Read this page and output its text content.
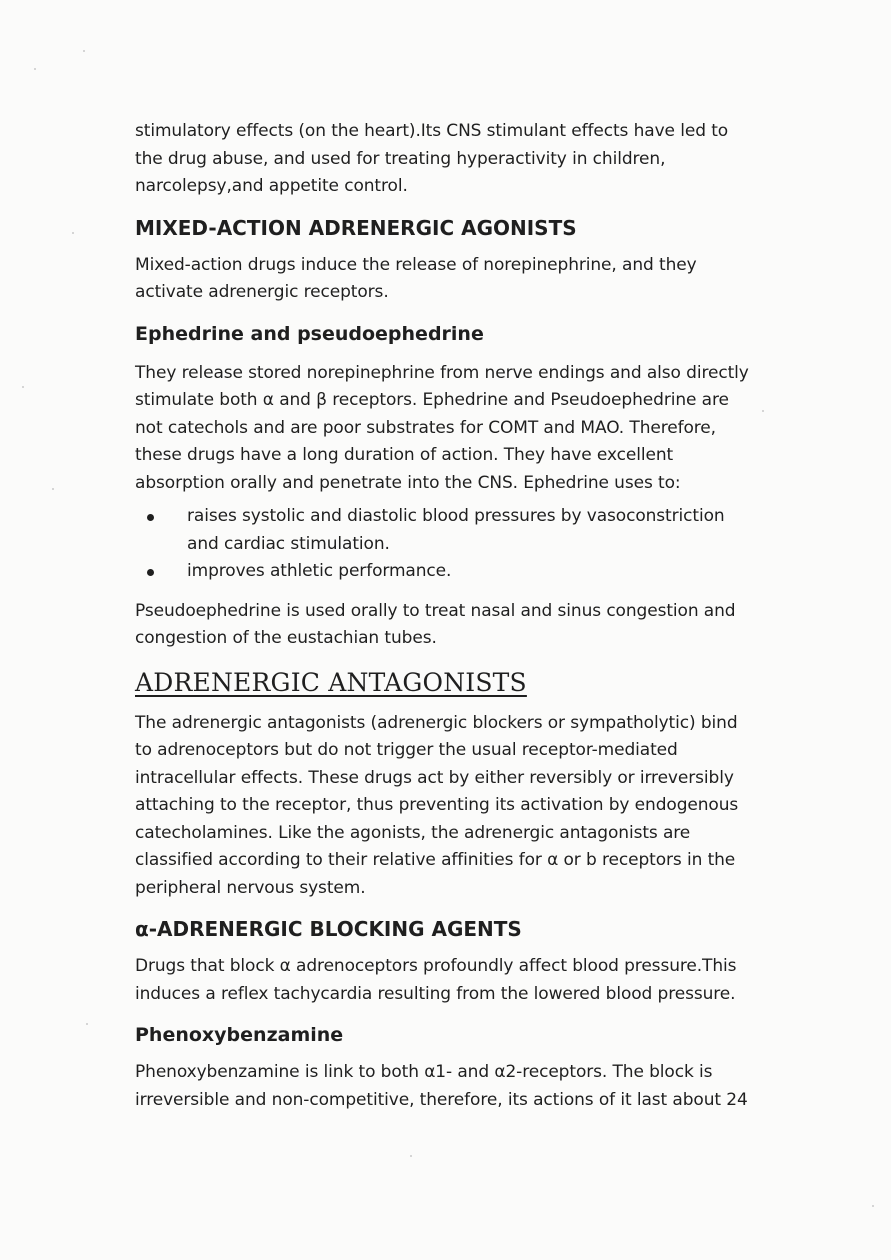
stimulatory effects (on the heart).Its CNS stimulant effects have led to the drug abuse, and used for treating hyperactivity in children, narcolepsy,and appetite control.

MIXED-ACTION ADRENERGIC AGONISTS

Mixed-action drugs induce the release of norepinephrine, and they activate adrenergic receptors.

Ephedrine and pseudoephedrine

They release stored norepinephrine from nerve endings and also directly stimulate both α and β receptors. Ephedrine and Pseudoephedrine are not catechols and are poor substrates for COMT and MAO. Therefore, these drugs have a long duration of action. They have excellent absorption orally and penetrate into the CNS. Ephedrine uses to:

raises systolic and diastolic blood pressures by vasoconstriction and cardiac stimulation.
improves athletic performance.

Pseudoephedrine is used orally to treat nasal and sinus congestion and congestion of the eustachian tubes.

ADRENERGIC ANTAGONISTS

The adrenergic antagonists (adrenergic blockers or sympatholytic) bind to adrenoceptors but do not trigger the usual receptor-mediated intracellular effects. These drugs act by either reversibly or irreversibly attaching to the receptor, thus preventing its activation by endogenous catecholamines. Like the agonists, the adrenergic antagonists are classified according to their relative affinities for α or b receptors in the peripheral nervous system.

α-ADRENERGIC BLOCKING AGENTS

Drugs that block α adrenoceptors profoundly affect blood pressure.This induces a reflex tachycardia resulting from the lowered blood pressure.

Phenoxybenzamine

Phenoxybenzamine is link to both α1- and α2-receptors. The block is irreversible and non-competitive, therefore, its actions of it last about 24
